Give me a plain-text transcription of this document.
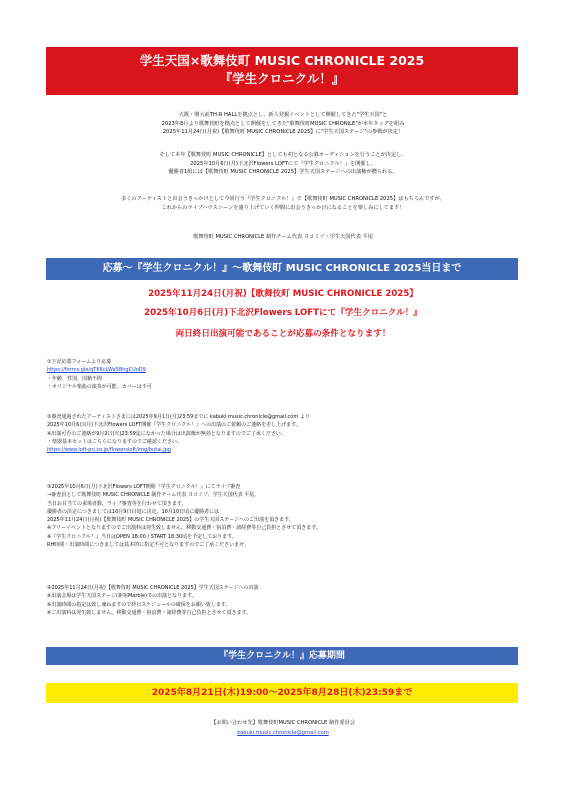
学生天国×歌舞伎町 MUSIC CHRONICLE 2025
『学生クロニクル！』
大阪・関大前TH-R HALLを拠点とし、新人発掘イベントとして開催してきた"学生天国"と
2023年8月より歌舞伎町を拠点として開催をしてきた"歌舞伎町MUSIC CHRONILE"が本年タッグを組み
2025年11月24日(月祝)【歌舞伎町 MUSIC CHRONICLE 2025】に"学生天国ステージ"の参戦が決定！
そして本年【歌舞伎町 MUSIC CHRONICLE】としても初となる公募オーディションを行うことが決定し、
2025年10月6日(月)下北沢Flowers LOFTにて『学生クロニクル！』を開催し、
優勝者1組には【歌舞伎町 MUSIC CHRONICLE 2025】学生天国ステージへの出演権が贈られる。
多くのアーティストと出会うきっかけとして今回行う『学生クロニクル！』で【歌舞伎町 MUSIC CHRONICLE 2025】はもちろんですが、
これからのライブハウスシーンを盛り上げていく仲間に出会うきっかけになることを楽しみにしてます！
歌舞伎町 MUSIC CHRONICLE 制作チーム代表 ヨコミゾ・学生天国代表 平尾
応募～『学生クロニクル！』～歌舞伎町 MUSIC CHRONICLE 2025当日まで
2025年11月24日(月祝)【歌舞伎町 MUSIC CHRONICLE 2025】
2025年10月6日(月)下北沢Flowers LOFTにて『学生クロニクル！』
両日終日出演可能であることが応募の条件となります！
①下記応募フォームより応募
https://forms.gle/qTKKcLWa5BhgCUoD9
・年齢、性別、国籍不問
・オリジナル楽曲の演奏が可能、カバーは不可
②審査通過されたアーティストさまには2025年9月1日(月)23:59までに kabuki.music.chronicle@gmail.com より
2025年10月6日(月)下北沢Flowers LOFT開催『学生クロニクル！』への出演のご依頼のご連絡を差し上げます。
※出演可否のご連絡が9月2日(火)23:59迄になかった場合は出演権が無効となりますのでご了承ください。
・楽器基本セットはこちらになりますのでご確認ください。
https://www.loft-prj.co.jp/flowersloft/img/butai.jpg
③2025年10月6日(月)下北沢Flowers LOFT開催『学生クロニクル！』にてライブ審査
→審査員として歌舞伎町 MUSIC CHRONICLE 制作チーム代表 ヨコミゾ、学生天国代表 平尾、
当日お目当ての来場者数、ライブ審査等を行わせて頂きます。
優勝者の決定につきましては10月9日目処に決定、10月10日頃に優勝者には
2025年11月24日(月祝)【歌舞伎町 MUSIC CHRONICLE 2025】の学生天国ステージへのご出演を頂きます。
※フリーイベントとなりますのでご出演料は発生致しません。移動交通費・宿泊費・諸経費等自己負担とさせて頂きます。
※『学生クロニクル！』当日はOPEN 18:00 / START 18:30頃を予定しております。
RH時間・出演時間につきましては基本的に指定不可となりますのでご了承くださいませ。
④2025年11月24日(月祝)【歌舞伎町 MUSIC CHRONICLE 2025】学生天国ステージへの出演
※出演会場は学生天国ステージ(新宿Marble)での出演となります。
※出演時間の指定は致し兼ねますので終日スケジュールの確保をお願い致します。
※ご出演料は発生致しません。移動交通費・宿泊費・諸経費等自己負担とさせて頂きます。
『学生クロニクル！』応募期間
2025年8月21日(木)19:00～2025年8月28日(木)23:59まで
【お問い合わせ先】歌舞伎町MUSIC CHRONICLE 制作委員会
kabuki.music.chronicle@gmail.com
